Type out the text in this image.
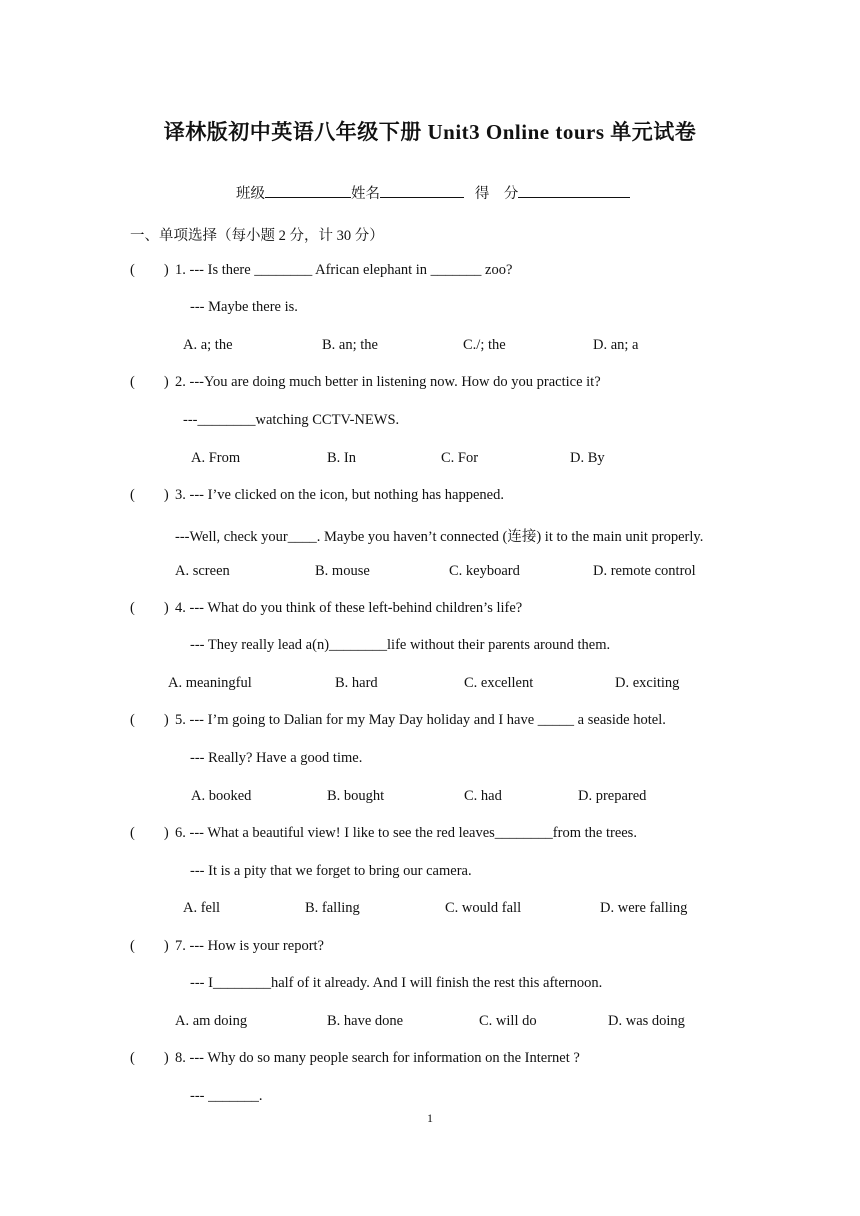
译林版初中英语八年级下册 Unit3 Online tours 单元试卷
班级	姓名	得    分
一、单项选择（每小题 2 分，计 30 分）
(        ) 1. --- Is there ________ African elephant in _______ zoo?
--- Maybe there is.
A. a; the	B. an; the	C./; the	D. an; a
(        ) 2. ---You are doing much better in listening now. How do you practice it?
---________watching CCTV-NEWS.
A. From	B. In	C. For	D. By
(        ) 3. --- I’ve clicked on the icon, but nothing has happened.
---Well, check your____. Maybe you haven’t connected (连接) it to the main unit properly.
A. screen	B. mouse	C. keyboard	D. remote control
(        ) 4. --- What do you think of these left-behind children’s life?
--- They really lead a(n)________life without their parents around them.
A. meaningful	B. hard	C. excellent	D. exciting
(        ) 5. --- I’m going to Dalian for my May Day holiday and I have _____ a seaside hotel.
--- Really? Have a good time.
A. booked	B. bought	C. had	D. prepared
(        ) 6. --- What a beautiful view! I like to see the red leaves________from the trees.
--- It is a pity that we forget to bring our camera.
A. fell	B. falling	C. would fall	D. were falling
(        ) 7. --- How is your report?
--- I________half of it already. And I will finish the rest this afternoon.
A. am doing	B. have done	C. will do	D. was doing
(        ) 8. --- Why do so many people search for information on the Internet ?
--- _______.
1
